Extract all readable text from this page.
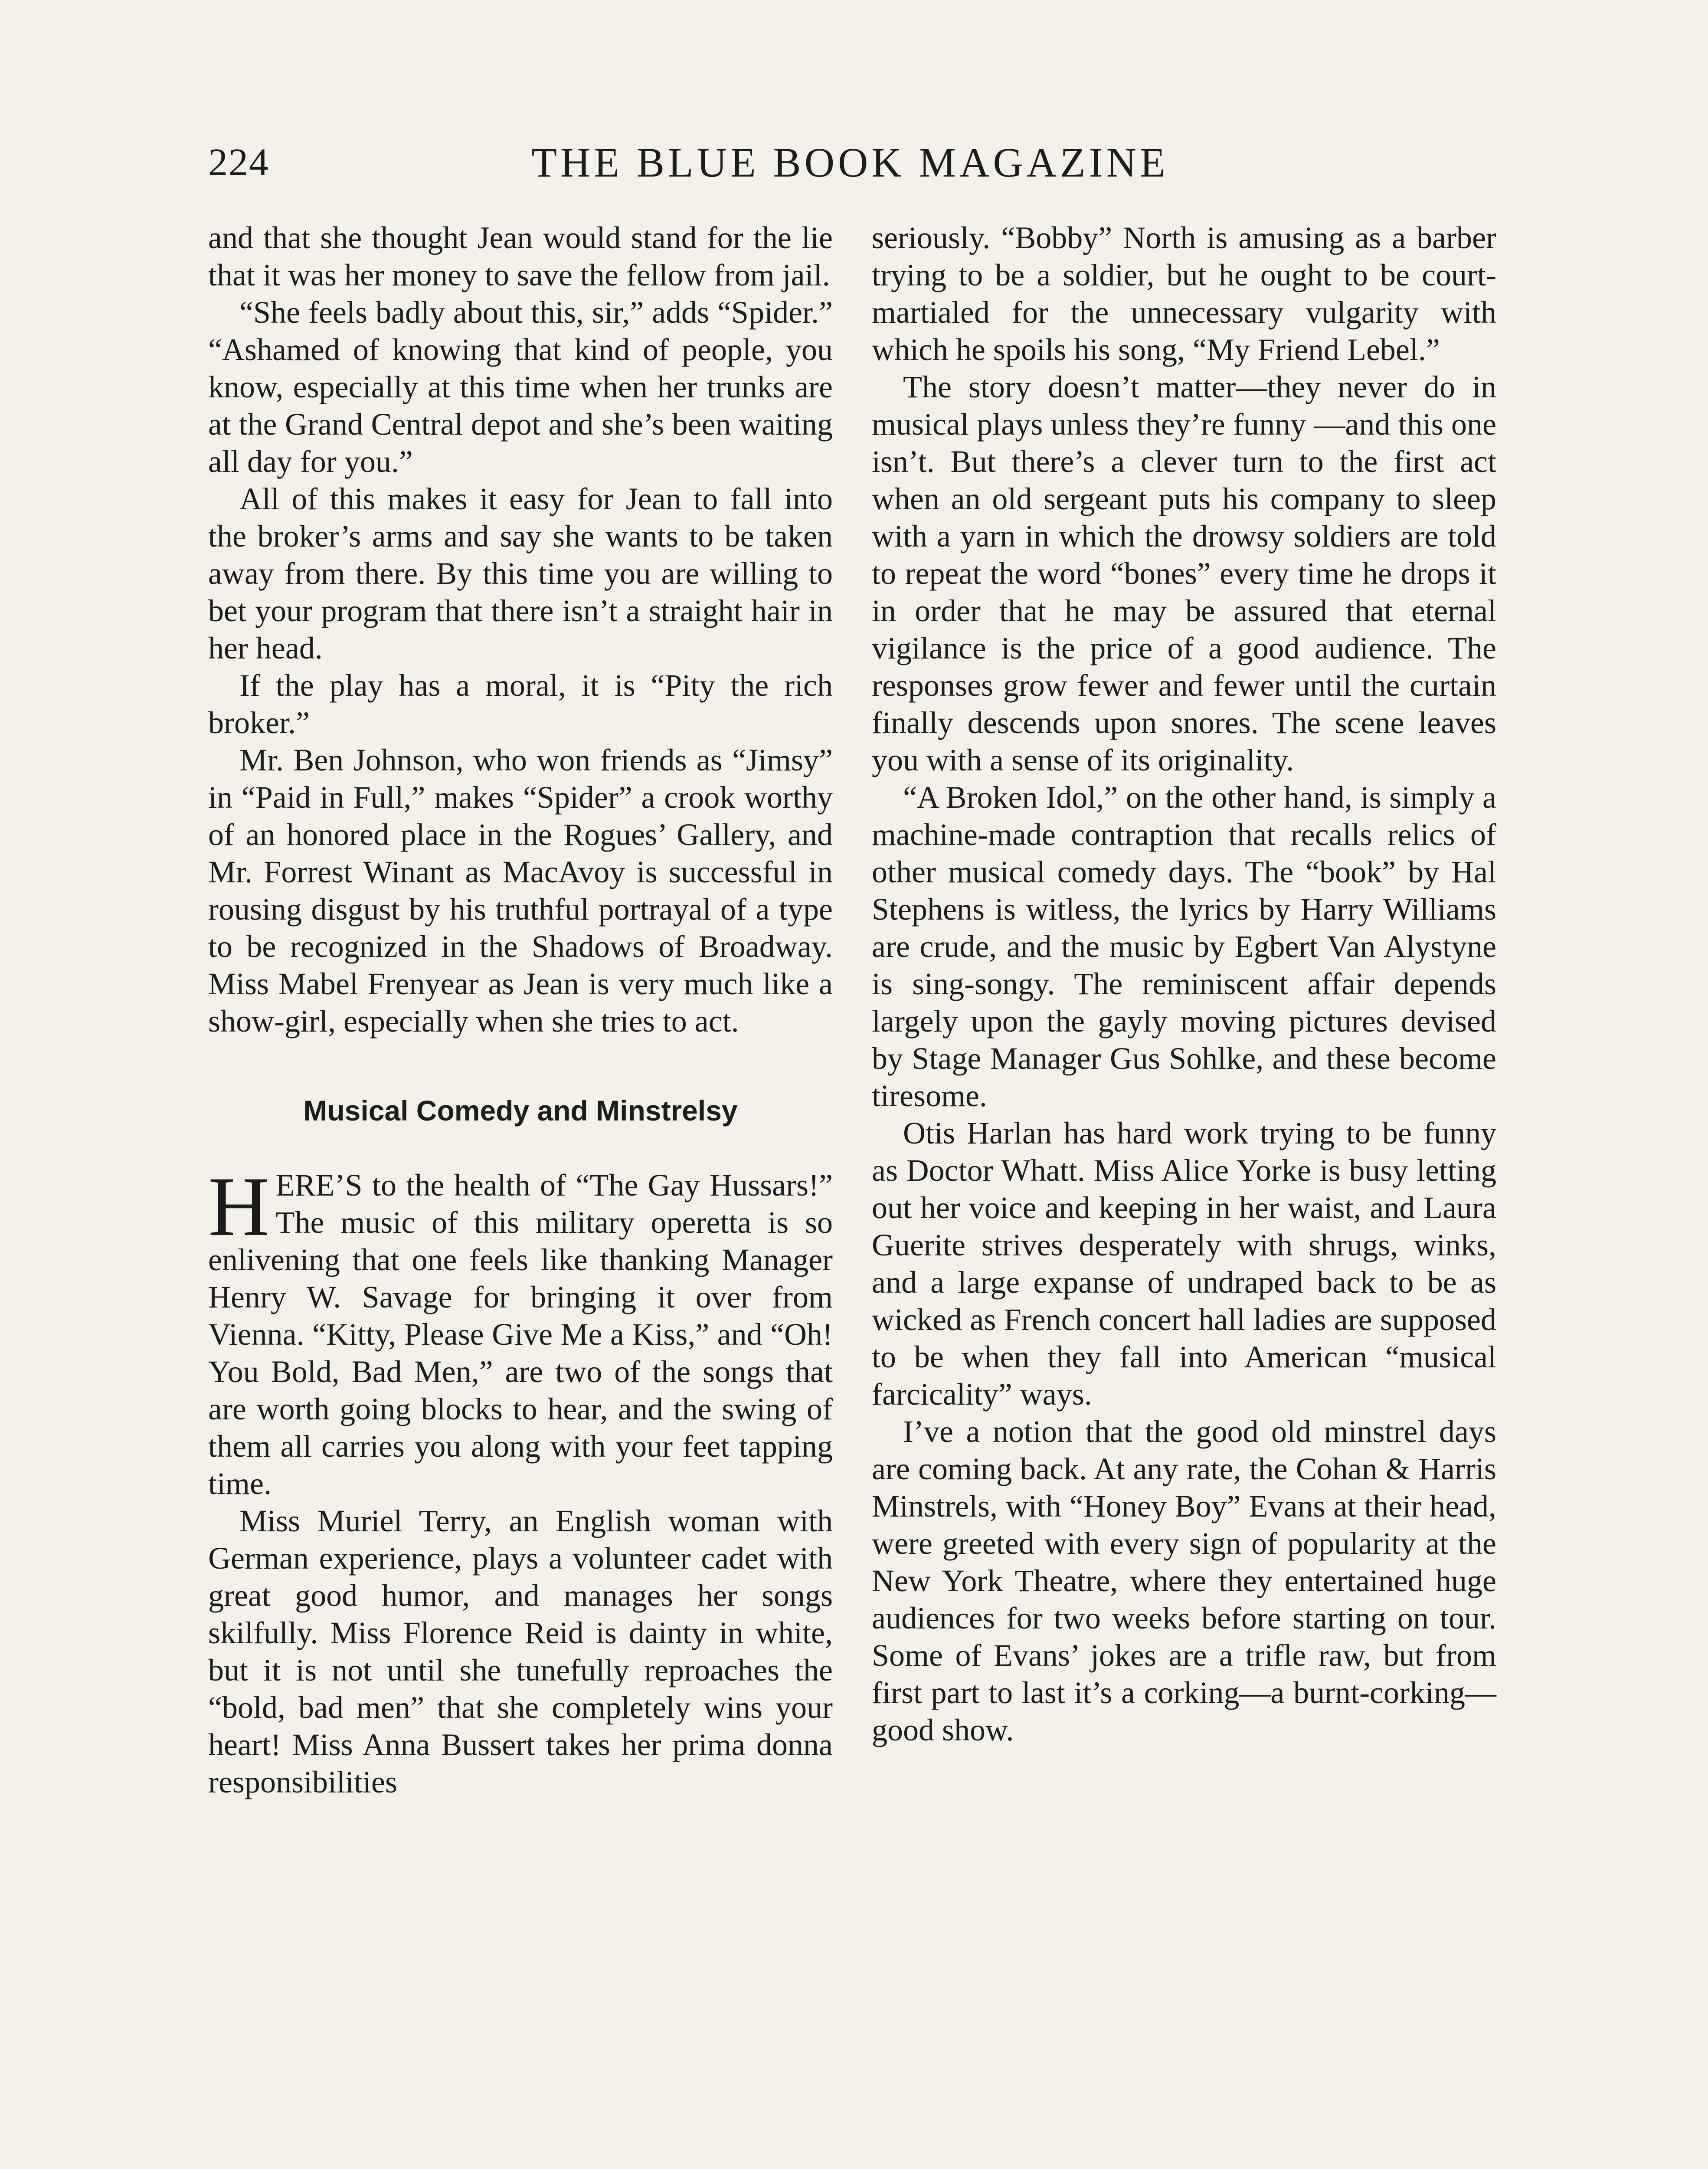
224	THE BLUE BOOK MAGAZINE

and that she thought Jean would stand for the lie that it was her money to save the fellow from jail.

“She feels badly about this, sir,” adds “Spider.” “Ashamed of knowing that kind of people, you know, especially at this time when her trunks are at the Grand Central depot and she’s been waiting all day for you.”

All of this makes it easy for Jean to fall into the broker’s arms and say she wants to be taken away from there. By this time you are willing to bet your program that there isn’t a straight hair in her head.

If the play has a moral, it is “Pity the rich broker.”

Mr. Ben Johnson, who won friends as “Jimsy” in “Paid in Full,” makes “Spider” a crook worthy of an honored place in the Rogues’ Gallery, and Mr. Forrest Winant as MacAvoy is successful in rousing disgust by his truthful portrayal of a type to be recognized in the Shadows of Broadway. Miss Mabel Frenyear as Jean is very much like a show-girl, especially when she tries to act.

Musical Comedy and Minstrelsy

HERE’S to the health of “The Gay Hussars!” The music of this military operetta is so enlivening that one feels like thanking Manager Henry W. Savage for bringing it over from Vienna. “Kitty, Please Give Me a Kiss,” and “Oh! You Bold, Bad Men,” are two of the songs that are worth going blocks to hear, and the swing of them all carries you along with your feet tapping time.

Miss Muriel Terry, an English woman with German experience, plays a volunteer cadet with great good humor, and manages her songs skilfully. Miss Florence Reid is dainty in white, but it is not until she tunefully reproaches the “bold, bad men” that she completely wins your heart! Miss Anna Bussert takes her prima donna responsibilities

seriously. “Bobby” North is amusing as a barber trying to be a soldier, but he ought to be court-martialed for the unnecessary vulgarity with which he spoils his song, “My Friend Lebel.”

The story doesn’t matter—they never do in musical plays unless they’re funny —and this one isn’t. But there’s a clever turn to the first act when an old sergeant puts his company to sleep with a yarn in which the drowsy soldiers are told to repeat the word “bones” every time he drops it in order that he may be assured that eternal vigilance is the price of a good audience. The responses grow fewer and fewer until the curtain finally descends upon snores. The scene leaves you with a sense of its originality.

“A Broken Idol,” on the other hand, is simply a machine-made contraption that recalls relics of other musical comedy days. The “book” by Hal Stephens is witless, the lyrics by Harry Williams are crude, and the music by Egbert Van Alystyne is sing-songy. The reminiscent affair depends largely upon the gayly moving pictures devised by Stage Manager Gus Sohlke, and these become tiresome.

Otis Harlan has hard work trying to be funny as Doctor Whatt. Miss Alice Yorke is busy letting out her voice and keeping in her waist, and Laura Guerite strives desperately with shrugs, winks, and a large expanse of undraped back to be as wicked as French concert hall ladies are supposed to be when they fall into American “musical farcicality” ways.

I’ve a notion that the good old minstrel days are coming back. At any rate, the Cohan & Harris Minstrels, with “Honey Boy” Evans at their head, were greeted with every sign of popularity at the New York Theatre, where they entertained huge audiences for two weeks before starting on tour. Some of Evans’ jokes are a trifle raw, but from first part to last it’s a corking—a burnt-corking—good show.
